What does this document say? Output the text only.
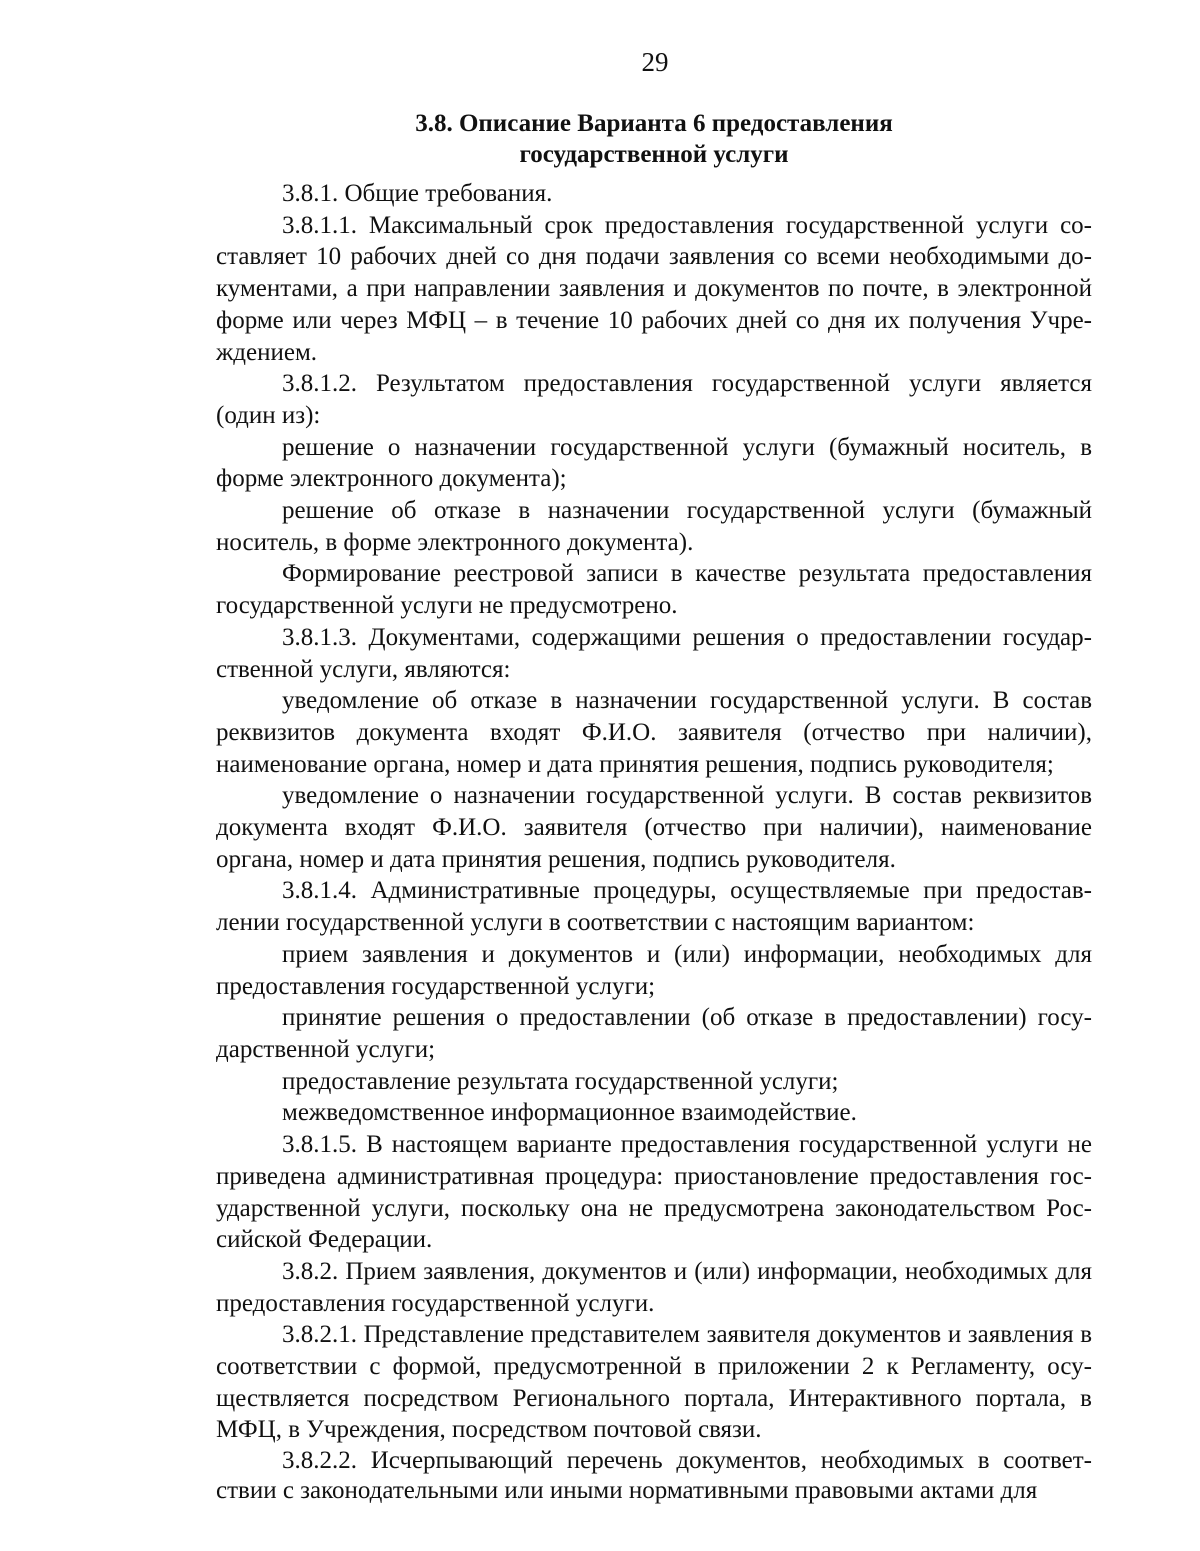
29
3.8. Описание Варианта 6 предоставления
государственной услуги

3.8.1. Общие требования.

3.8.1.1. Максимальный срок предоставления государственной услуги составляет 10 рабочих дней со дня подачи заявления со всеми необходимыми документами, а при направлении заявления и документов по почте, в электронной форме или через МФЦ – в течение 10 рабочих дней со дня их получения Учреждением.

3.8.1.2. Результатом предоставления государственной услуги является (один из):

решение о назначении государственной услуги (бумажный носитель, в форме электронного документа);

решение об отказе в назначении государственной услуги (бумажный носитель, в форме электронного документа).

Формирование реестровой записи в качестве результата предоставления государственной услуги не предусмотрено.

3.8.1.3. Документами, содержащими решения о предоставлении государственной услуги, являются:

уведомление об отказе в назначении государственной услуги. В состав реквизитов документа входят Ф.И.О. заявителя (отчество при наличии), наименование органа, номер и дата принятия решения, подпись руководителя;

уведомление о назначении государственной услуги. В состав реквизитов документа входят Ф.И.О. заявителя (отчество при наличии), наименование органа, номер и дата принятия решения, подпись руководителя.

3.8.1.4. Административные процедуры, осуществляемые при предоставлении государственной услуги в соответствии с настоящим вариантом:

прием заявления и документов и (или) информации, необходимых для предоставления государственной услуги;

принятие решения о предоставлении (об отказе в предоставлении) государственной услуги;

предоставление результата государственной услуги;

межведомственное информационное взаимодействие.

3.8.1.5. В настоящем варианте предоставления государственной услуги не приведена административная процедура: приостановление предоставления государственной услуги, поскольку она не предусмотрена законодательством Российской Федерации.

3.8.2. Прием заявления, документов и (или) информации, необходимых для предоставления государственной услуги.

3.8.2.1. Представление представителем заявителя документов и заявления в соответствии с формой, предусмотренной в приложении 2 к Регламенту, осуществляется посредством Регионального портала, Интерактивного портала, в МФЦ, в Учреждения, посредством почтовой связи.

3.8.2.2. Исчерпывающий перечень документов, необходимых в соответствии с законодательными или иными нормативными правовыми актами для
